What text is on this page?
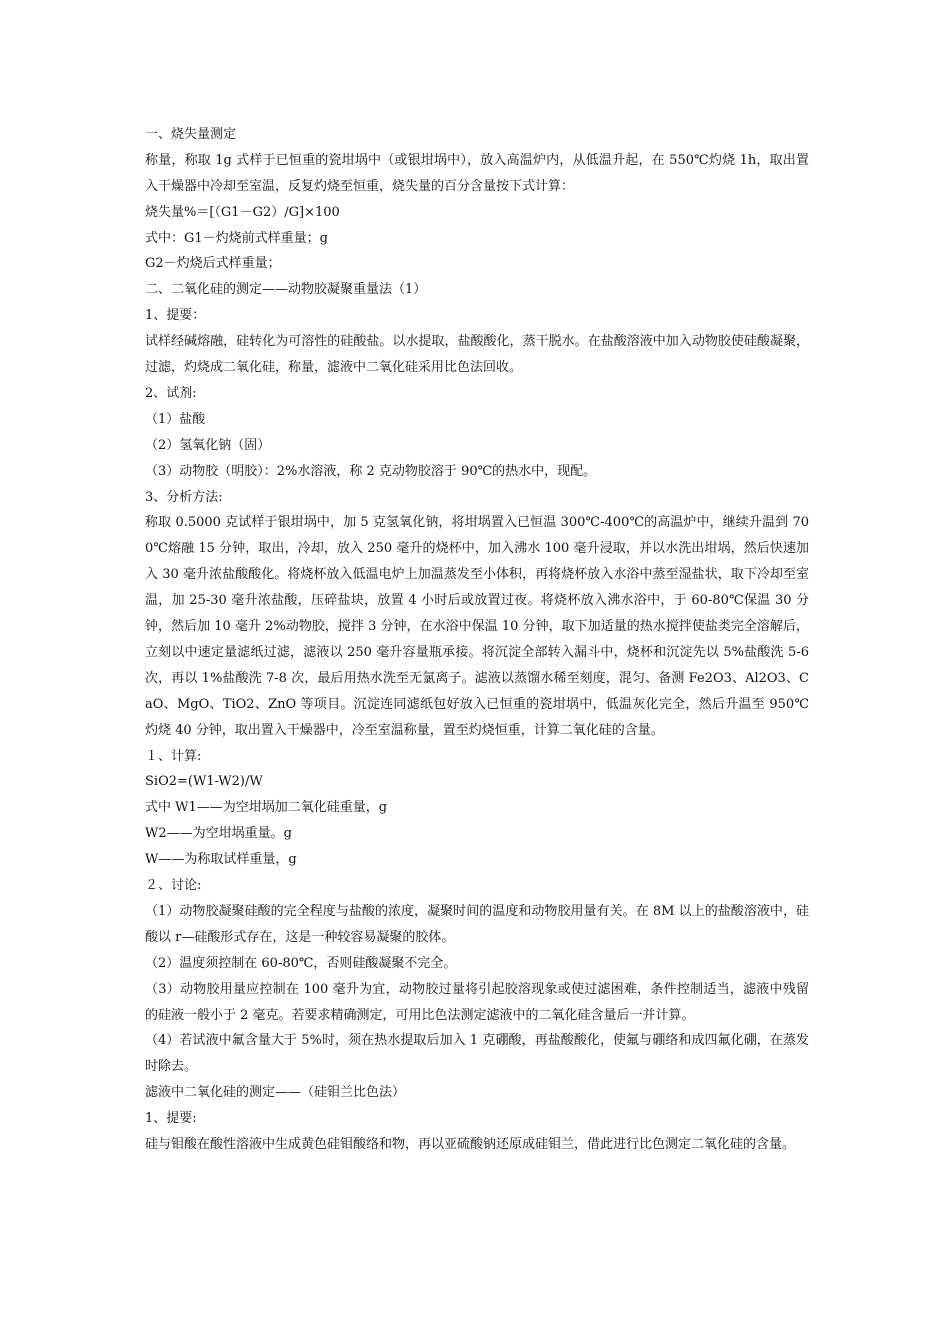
一、烧失量测定
称量，称取 1g 式样于已恒重的瓷坩埚中（或银坩埚中），放入高温炉内，从低温升起，在 550℃灼烧 1h，取出置入干燥器中冷却至室温，反复灼烧至恒重，烧失量的百分含量按下式计算：
烧失量%＝[（G1－G2）/G]×100
式中：G1－灼烧前式样重量；g
G2－灼烧后式样重量；
二、二氧化硅的测定——动物胶凝聚重量法（1）
1、提要：
试样经碱熔融，硅转化为可溶性的硅酸盐。以水提取，盐酸酸化，蒸干脱水。在盐酸溶液中加入动物胶使硅酸凝聚，过滤，灼烧成二氧化硅，称量，滤液中二氧化硅采用比色法回收。
2、试剂:
（1）盐酸
（2）氢氧化钠（固）
（3）动物胶（明胶）：2%水溶液，称 2 克动物胶溶于 90℃的热水中，现配。
3、分析方法:
称取 0.5000 克试样于银坩埚中，加 5 克氢氧化钠，将坩埚置入已恒温 300℃-400℃的高温炉中，继续升温到 700℃熔融 15 分钟，取出，冷却，放入 250 毫升的烧杯中，加入沸水 100 毫升浸取，并以水洗出坩埚，然后快速加入 30 毫升浓盐酸酸化。将烧杯放入低温电炉上加温蒸发至小体积，再将烧杯放入水浴中蒸至湿盐状，取下冷却至室温，加 25-30 毫升浓盐酸，压碎盐块，放置 4 小时后或放置过夜。将烧杯放入沸水浴中，于 60-80℃保温 30 分钟，然后加 10 毫升 2%动物胶，搅拌 3 分钟，在水浴中保温 10 分钟，取下加适量的热水搅拌使盐类完全溶解后，立刻以中速定量滤纸过滤，滤液以 250 毫升容量瓶承接。将沉淀全部转入漏斗中，烧杯和沉淀先以 5%盐酸洗 5-6 次，再以 1%盐酸洗 7-8 次，最后用热水洗至无氯离子。滤液以蒸馏水稀至刻度，混匀、备测 Fe2O3、Al2O3、CaO、MgO、TiO2、ZnO 等项目。沉淀连同滤纸包好放入已恒重的瓷坩埚中，低温灰化完全，然后升温至 950℃灼烧 40 分钟，取出置入干燥器中，冷至室温称量，置至灼烧恒重，计算二氧化硅的含量。
１、计算:
SiO2=(W1-W2)/W
式中 W1——为空坩埚加二氧化硅重量，g
W2——为空坩埚重量。g
W——为称取试样重量，g
２、讨论:
（1）动物胶凝聚硅酸的完全程度与盐酸的浓度，凝聚时间的温度和动物胶用量有关。在 8M 以上的盐酸溶液中，硅酸以 r—硅酸形式存在，这是一种较容易凝聚的胶体。
（2）温度须控制在 60-80℃，否则硅酸凝聚不完全。
（3）动物胶用量应控制在 100 毫升为宜，动物胶过量将引起胶溶现象或使过滤困难，条件控制适当，滤液中残留的硅液一般小于 2 毫克。若要求精确测定，可用比色法测定滤液中的二氧化硅含量后一并计算。
（4）若试液中氟含量大于 5%时，须在热水提取后加入 1 克硼酸，再盐酸酸化，使氟与硼络和成四氟化硼，在蒸发时除去。
滤液中二氧化硅的测定——（硅钼兰比色法）
1、提要:
硅与钼酸在酸性溶液中生成黄色硅钼酸络和物，再以亚硫酸钠还原成硅钼兰，借此进行比色测定二氧化硅的含量。
